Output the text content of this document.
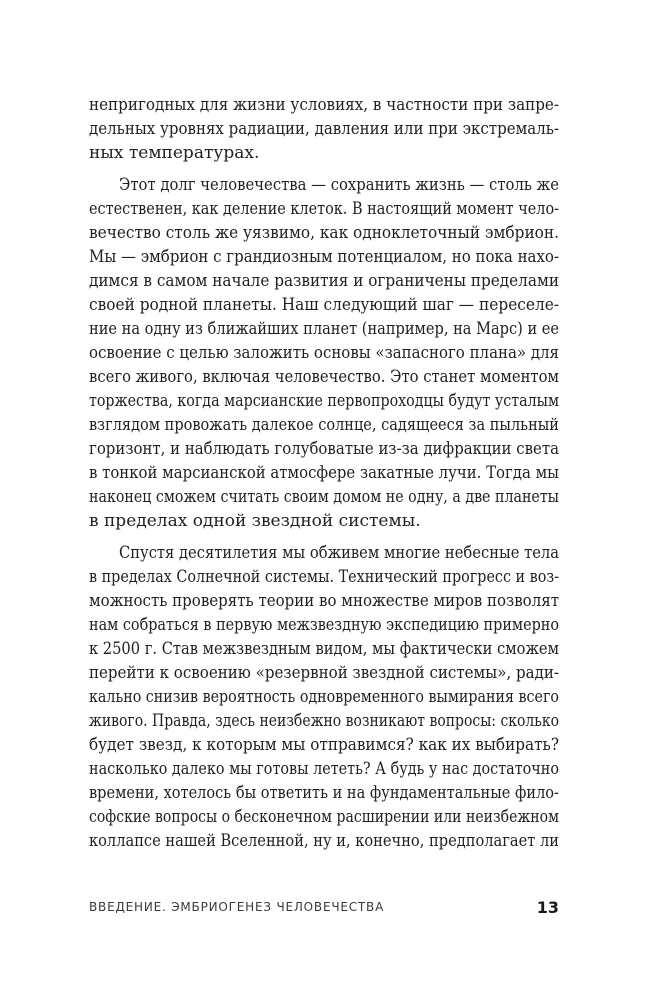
непригодных для жизни условиях, в частности при запре-
дельных уровнях радиации, давления или при экстремаль-
ных температурах.
Этот долг человечества — сохранить жизнь — столь же
естественен, как деление клеток. В настоящий момент чело-
вечество столь же уязвимо, как одноклеточный эмбрион.
Мы — эмбрион с грандиозным потенциалом, но пока нахо-
димся в самом начале развития и ограничены пределами
своей родной планеты. Наш следующий шаг — переселе-
ние на одну из ближайших планет (например, на Марс) и ее
освоение с целью заложить основы «запасного плана» для
всего живого, включая человечество. Это станет моментом
торжества, когда марсианские первопроходцы будут усталым
взглядом провожать далекое солнце, садящееся за пыльный
горизонт, и наблюдать голубоватые из-за дифракции света
в тонкой марсианской атмосфере закатные лучи. Тогда мы
наконец сможем считать своим домом не одну, а две планеты
в пределах одной звездной системы.
Спустя десятилетия мы обживем многие небесные тела
в пределах Солнечной системы. Технический прогресс и воз-
можность проверять теории во множестве миров позволят
нам собраться в первую межзвездную экспедицию примерно
к 2500 г. Став межзвездным видом, мы фактически сможем
перейти к освоению «резервной звездной системы», ради-
кально снизив вероятность одновременного вымирания всего
живого. Правда, здесь неизбежно возникают вопросы: сколько
будет звезд, к которым мы отправимся? как их выбирать?
насколько далеко мы готовы лететь? А будь у нас достаточно
времени, хотелось бы ответить и на фундаментальные фило-
софские вопросы о бесконечном расширении или неизбежном
коллапсе нашей Вселенной, ну и, конечно, предполагает ли
ВВЕДЕНИЕ. ЭМБРИОГЕНЕЗ ЧЕЛОВЕЧЕСТВА	13
